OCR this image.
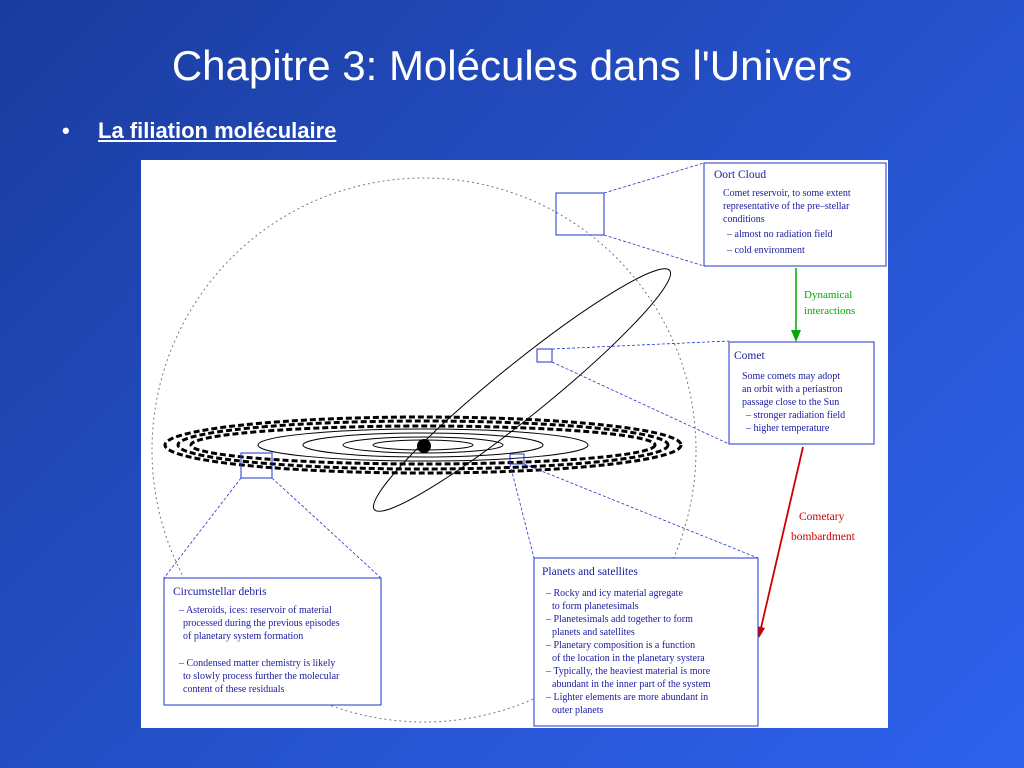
Chapitre 3: Molécules dans l'Univers
• La filiation moléculaire
Oort Cloud
Comet reservoir, to some extent
representative of the pre–stellar
conditions
– almost no radiation field
– cold environment
Dynamical
interactions
Comet
Some comets may adopt
an orbit with a periastron
passage close to the Sun
– stronger radiation field
– higher temperature
Cometary
bombardment
Circumstellar debris
– Asteroids, ices: reservoir of material
processed during the previous episodes
of planetary system formation
– Condensed matter chemistry is likely
to slowly process further the molecular
content of these residuals
Planets and satellites
– Rocky and icy material agregate
to form planetesimals
– Planetesimals add together to form
planets and satellites
– Planetary composition is a function
of the location in the planetary systera
– Typically, the heaviest material is more
abundant in the inner part of the system
– Lighter elements are more abundant in
outer planets
